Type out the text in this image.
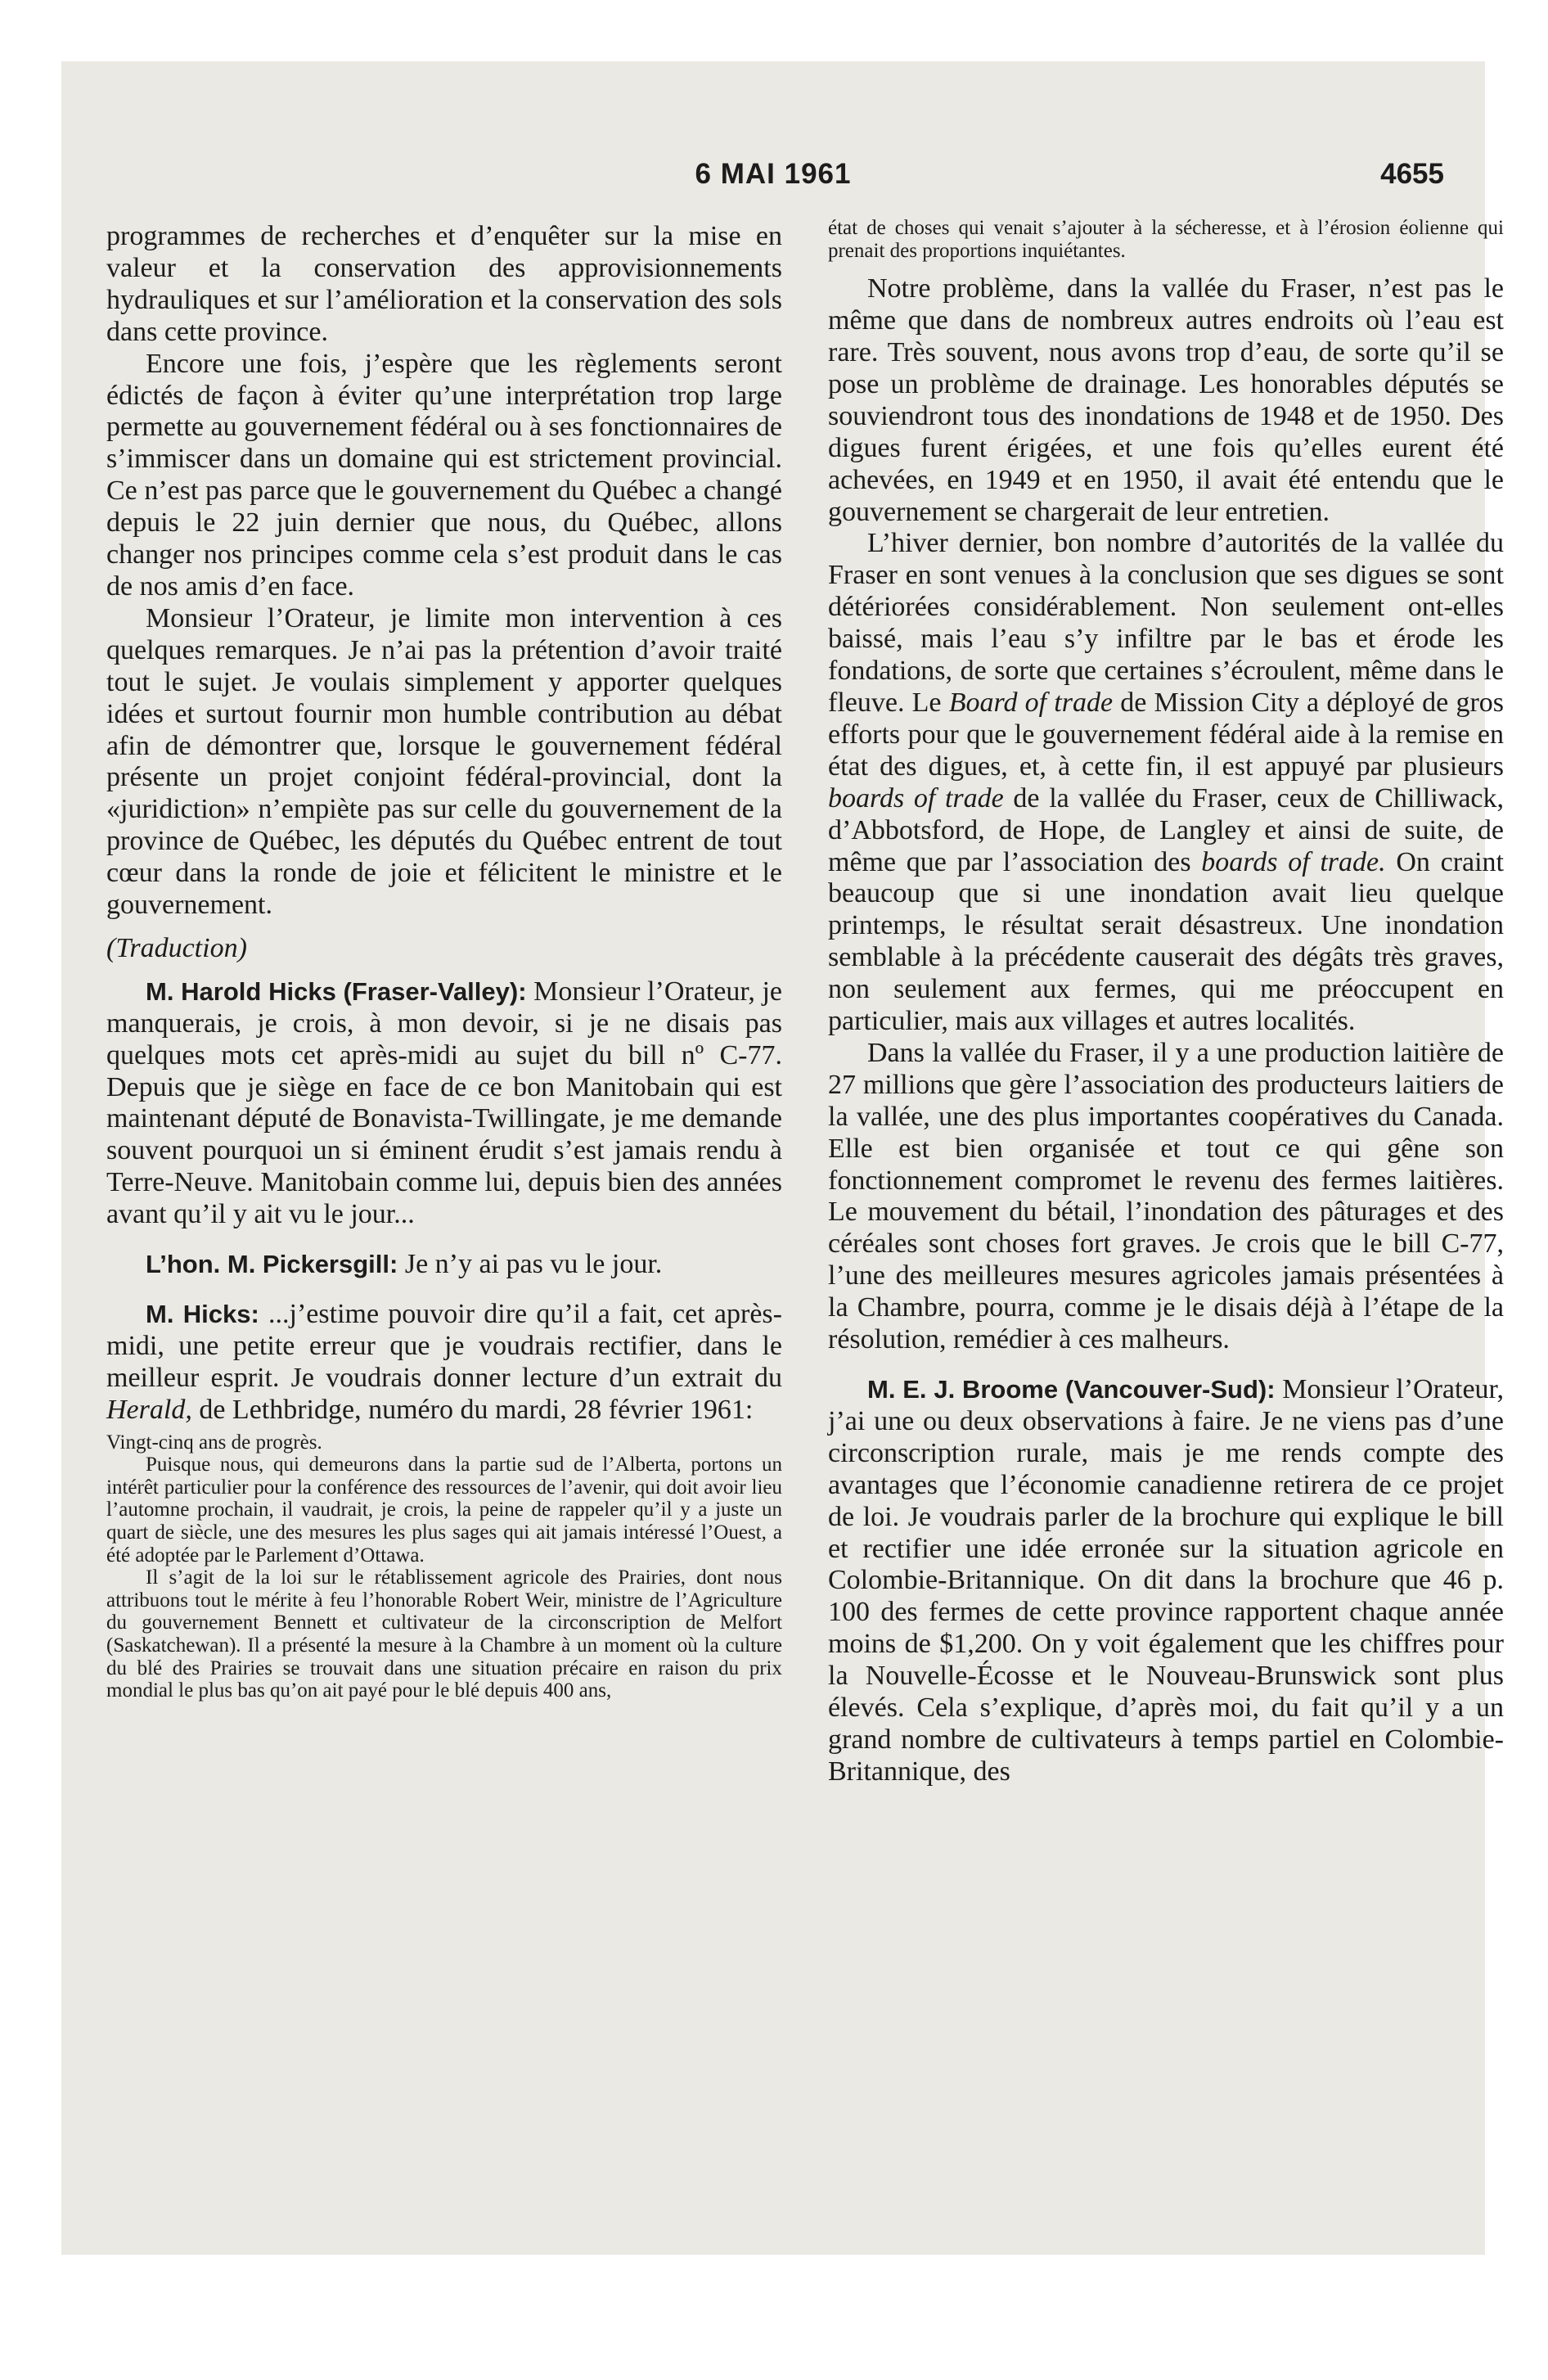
6 MAI 1961	4655

programmes de recherches et d’enquêter sur la mise en valeur et la conservation des approvisionnements hydrauliques et sur l’amélioration et la conservation des sols dans cette province.

Encore une fois, j’espère que les règlements seront édictés de façon à éviter qu’une interprétation trop large permette au gouvernement fédéral ou à ses fonctionnaires de s’immiscer dans un domaine qui est strictement provincial. Ce n’est pas parce que le gouvernement du Québec a changé depuis le 22 juin dernier que nous, du Québec, allons changer nos principes comme cela s’est produit dans le cas de nos amis d’en face.

Monsieur l’Orateur, je limite mon intervention à ces quelques remarques. Je n’ai pas la prétention d’avoir traité tout le sujet. Je voulais simplement y apporter quelques idées et surtout fournir mon humble contribution au débat afin de démontrer que, lorsque le gouvernement fédéral présente un projet conjoint fédéral-provincial, dont la «juridiction» n’empiète pas sur celle du gouvernement de la province de Québec, les députés du Québec entrent de tout cœur dans la ronde de joie et félicitent le ministre et le gouvernement.

(Traduction)

M. Harold Hicks (Fraser-Valley): Monsieur l’Orateur, je manquerais, je crois, à mon devoir, si je ne disais pas quelques mots cet après-midi au sujet du bill nº C-77. Depuis que je siège en face de ce bon Manitobain qui est maintenant député de Bonavista-Twillingate, je me demande souvent pourquoi un si éminent érudit s’est jamais rendu à Terre-Neuve. Manitobain comme lui, depuis bien des années avant qu’il y ait vu le jour...

L’hon. M. Pickersgill: Je n’y ai pas vu le jour.

M. Hicks: ...j’estime pouvoir dire qu’il a fait, cet après-midi, une petite erreur que je voudrais rectifier, dans le meilleur esprit. Je voudrais donner lecture d’un extrait du Herald, de Lethbridge, numéro du mardi, 28 février 1961:

Vingt-cinq ans de progrès.

Puisque nous, qui demeurons dans la partie sud de l’Alberta, portons un intérêt particulier pour la conférence des ressources de l’avenir, qui doit avoir lieu l’automne prochain, il vaudrait, je crois, la peine de rappeler qu’il y a juste un quart de siècle, une des mesures les plus sages qui ait jamais intéressé l’Ouest, a été adoptée par le Parlement d’Ottawa.

Il s’agit de la loi sur le rétablissement agricole des Prairies, dont nous attribuons tout le mérite à feu l’honorable Robert Weir, ministre de l’Agriculture du gouvernement Bennett et cultivateur de la circonscription de Melfort (Saskatchewan). Il a présenté la mesure à la Chambre à un moment où la culture du blé des Prairies se trouvait dans une situation précaire en raison du prix mondial le plus bas qu’on ait payé pour le blé depuis 400 ans,

état de choses qui venait s’ajouter à la sécheresse, et à l’érosion éolienne qui prenait des proportions inquiétantes.

Notre problème, dans la vallée du Fraser, n’est pas le même que dans de nombreux autres endroits où l’eau est rare. Très souvent, nous avons trop d’eau, de sorte qu’il se pose un problème de drainage. Les honorables députés se souviendront tous des inondations de 1948 et de 1950. Des digues furent érigées, et une fois qu’elles eurent été achevées, en 1949 et en 1950, il avait été entendu que le gouvernement se chargerait de leur entretien.

L’hiver dernier, bon nombre d’autorités de la vallée du Fraser en sont venues à la conclusion que ses digues se sont détériorées considérablement. Non seulement ont-elles baissé, mais l’eau s’y infiltre par le bas et érode les fondations, de sorte que certaines s’écroulent, même dans le fleuve. Le Board of trade de Mission City a déployé de gros efforts pour que le gouvernement fédéral aide à la remise en état des digues, et, à cette fin, il est appuyé par plusieurs boards of trade de la vallée du Fraser, ceux de Chilliwack, d’Abbotsford, de Hope, de Langley et ainsi de suite, de même que par l’association des boards of trade. On craint beaucoup que si une inondation avait lieu quelque printemps, le résultat serait désastreux. Une inondation semblable à la précédente causerait des dégâts très graves, non seulement aux fermes, qui me préoccupent en particulier, mais aux villages et autres localités.

Dans la vallée du Fraser, il y a une production laitière de 27 millions que gère l’association des producteurs laitiers de la vallée, une des plus importantes coopératives du Canada. Elle est bien organisée et tout ce qui gêne son fonctionnement compromet le revenu des fermes laitières. Le mouvement du bétail, l’inondation des pâturages et des céréales sont choses fort graves. Je crois que le bill C-77, l’une des meilleures mesures agricoles jamais présentées à la Chambre, pourra, comme je le disais déjà à l’étape de la résolution, remédier à ces malheurs.

M. E. J. Broome (Vancouver-Sud): Monsieur l’Orateur, j’ai une ou deux observations à faire. Je ne viens pas d’une circonscription rurale, mais je me rends compte des avantages que l’économie canadienne retirera de ce projet de loi. Je voudrais parler de la brochure qui explique le bill et rectifier une idée erronée sur la situation agricole en Colombie-Britannique. On dit dans la brochure que 46 p. 100 des fermes de cette province rapportent chaque année moins de $1,200. On y voit également que les chiffres pour la Nouvelle-Écosse et le Nouveau-Brunswick sont plus élevés. Cela s’explique, d’après moi, du fait qu’il y a un grand nombre de cultivateurs à temps partiel en Colombie-Britannique, des
